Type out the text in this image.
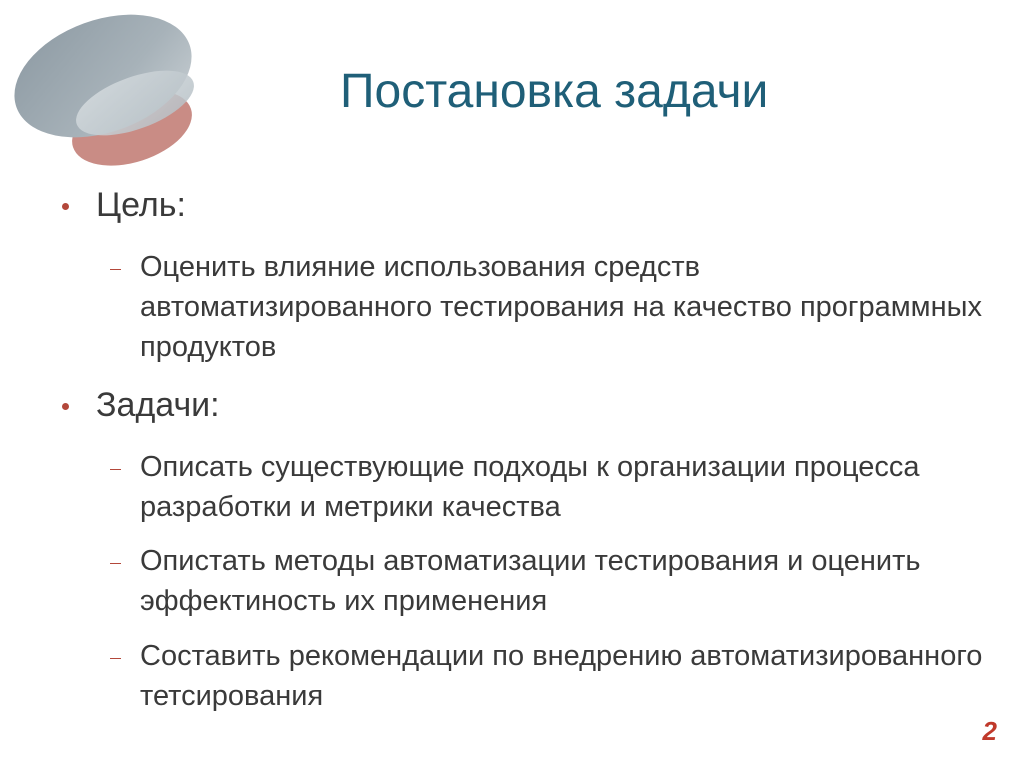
Постановка задачи
Цель:
Оценить влияние использования средств автоматизированного тестирования на качество программных продуктов
Задачи:
Описать существующие подходы к организации процесса разработки и метрики качества
Опистать методы автоматизации тестирования и оценить эффектиность их применения
Составить рекомендации по внедрению автоматизированного тетсирования
2
